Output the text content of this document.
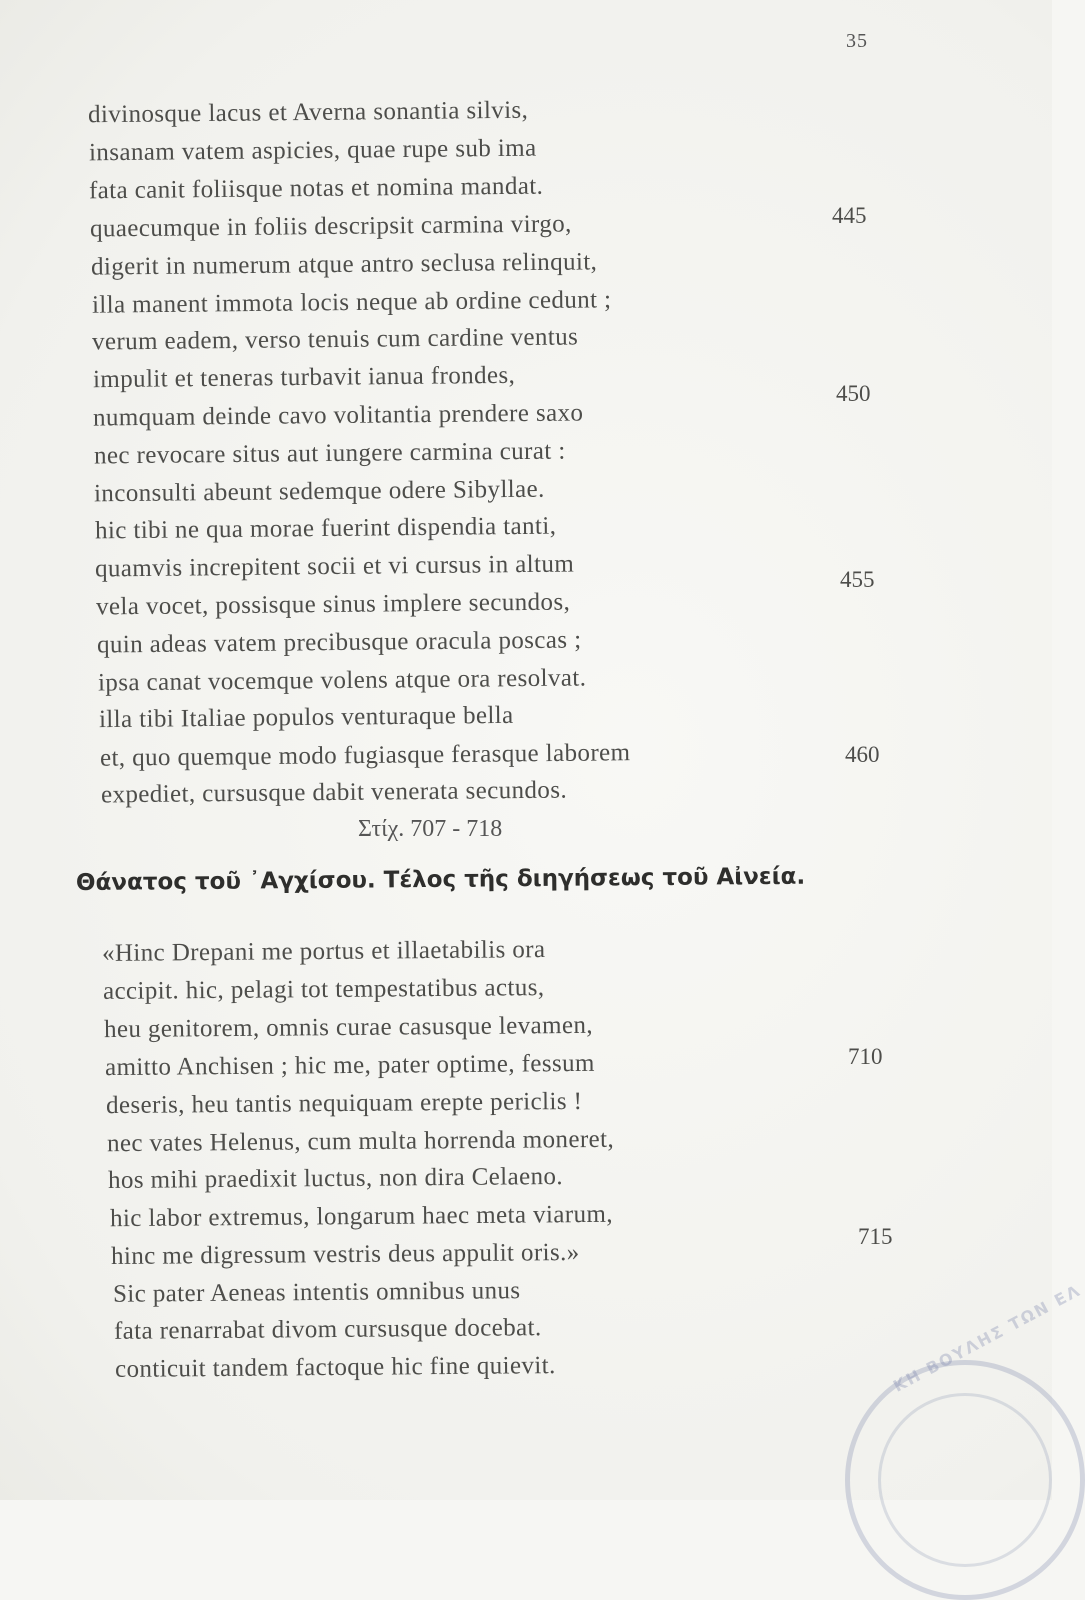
35
divinosque lacus et Averna sonantia silvis,
insanam vatem aspicies, quae rupe sub ima
fata canit foliisque notas et nomina mandat.
quaecumque in foliis descripsit carmina virgo,
digerit in numerum atque antro seclusa relinquit,
illa manent immota locis neque ab ordine cedunt ;
verum eadem, verso tenuis cum cardine ventus
impulit et teneras turbavit ianua frondes,
numquam deinde cavo volitantia prendere saxo
nec revocare situs aut iungere carmina curat :
inconsulti abeunt sedemque odere Sibyllae.
hic tibi ne qua morae fuerint dispendia tanti,
quamvis increpitent socii et vi cursus in altum
vela vocet, possisque sinus implere secundos,
quin adeas vatem precibusque oracula poscas ;
ipsa canat vocemque volens atque ora resolvat.
illa tibi Italiae populos venturaque bella
et, quo quemque modo fugiasque ferasque laborem
expediet, cursusque dabit venerata secundos.
445
450
455
460
Στίχ. 707 - 718
Θάνατος τοῦ ᾿Αγχίσου. Τέλος τῆς διηγήσεως τοῦ Αἰνεία.
«Hinc Drepani me portus et illaetabilis ora
accipit. hic, pelagi tot tempestatibus actus,
heu genitorem, omnis curae casusque levamen,
amitto Anchisen ; hic me, pater optime, fessum
deseris, heu tantis nequiquam erepte periclis !
nec vates Helenus, cum multa horrenda moneret,
hos mihi praedixit luctus, non dira Celaeno.
hic labor extremus, longarum haec meta viarum,
hinc me digressum vestris deus appulit oris.»
Sic pater Aeneas intentis omnibus unus
fata renarrabat divom cursusque docebat.
conticuit tandem factoque hic fine quievit.
710
715
ΚΗ ΒΟΥΛΗΣ ΤΩΝ ΕΛ
